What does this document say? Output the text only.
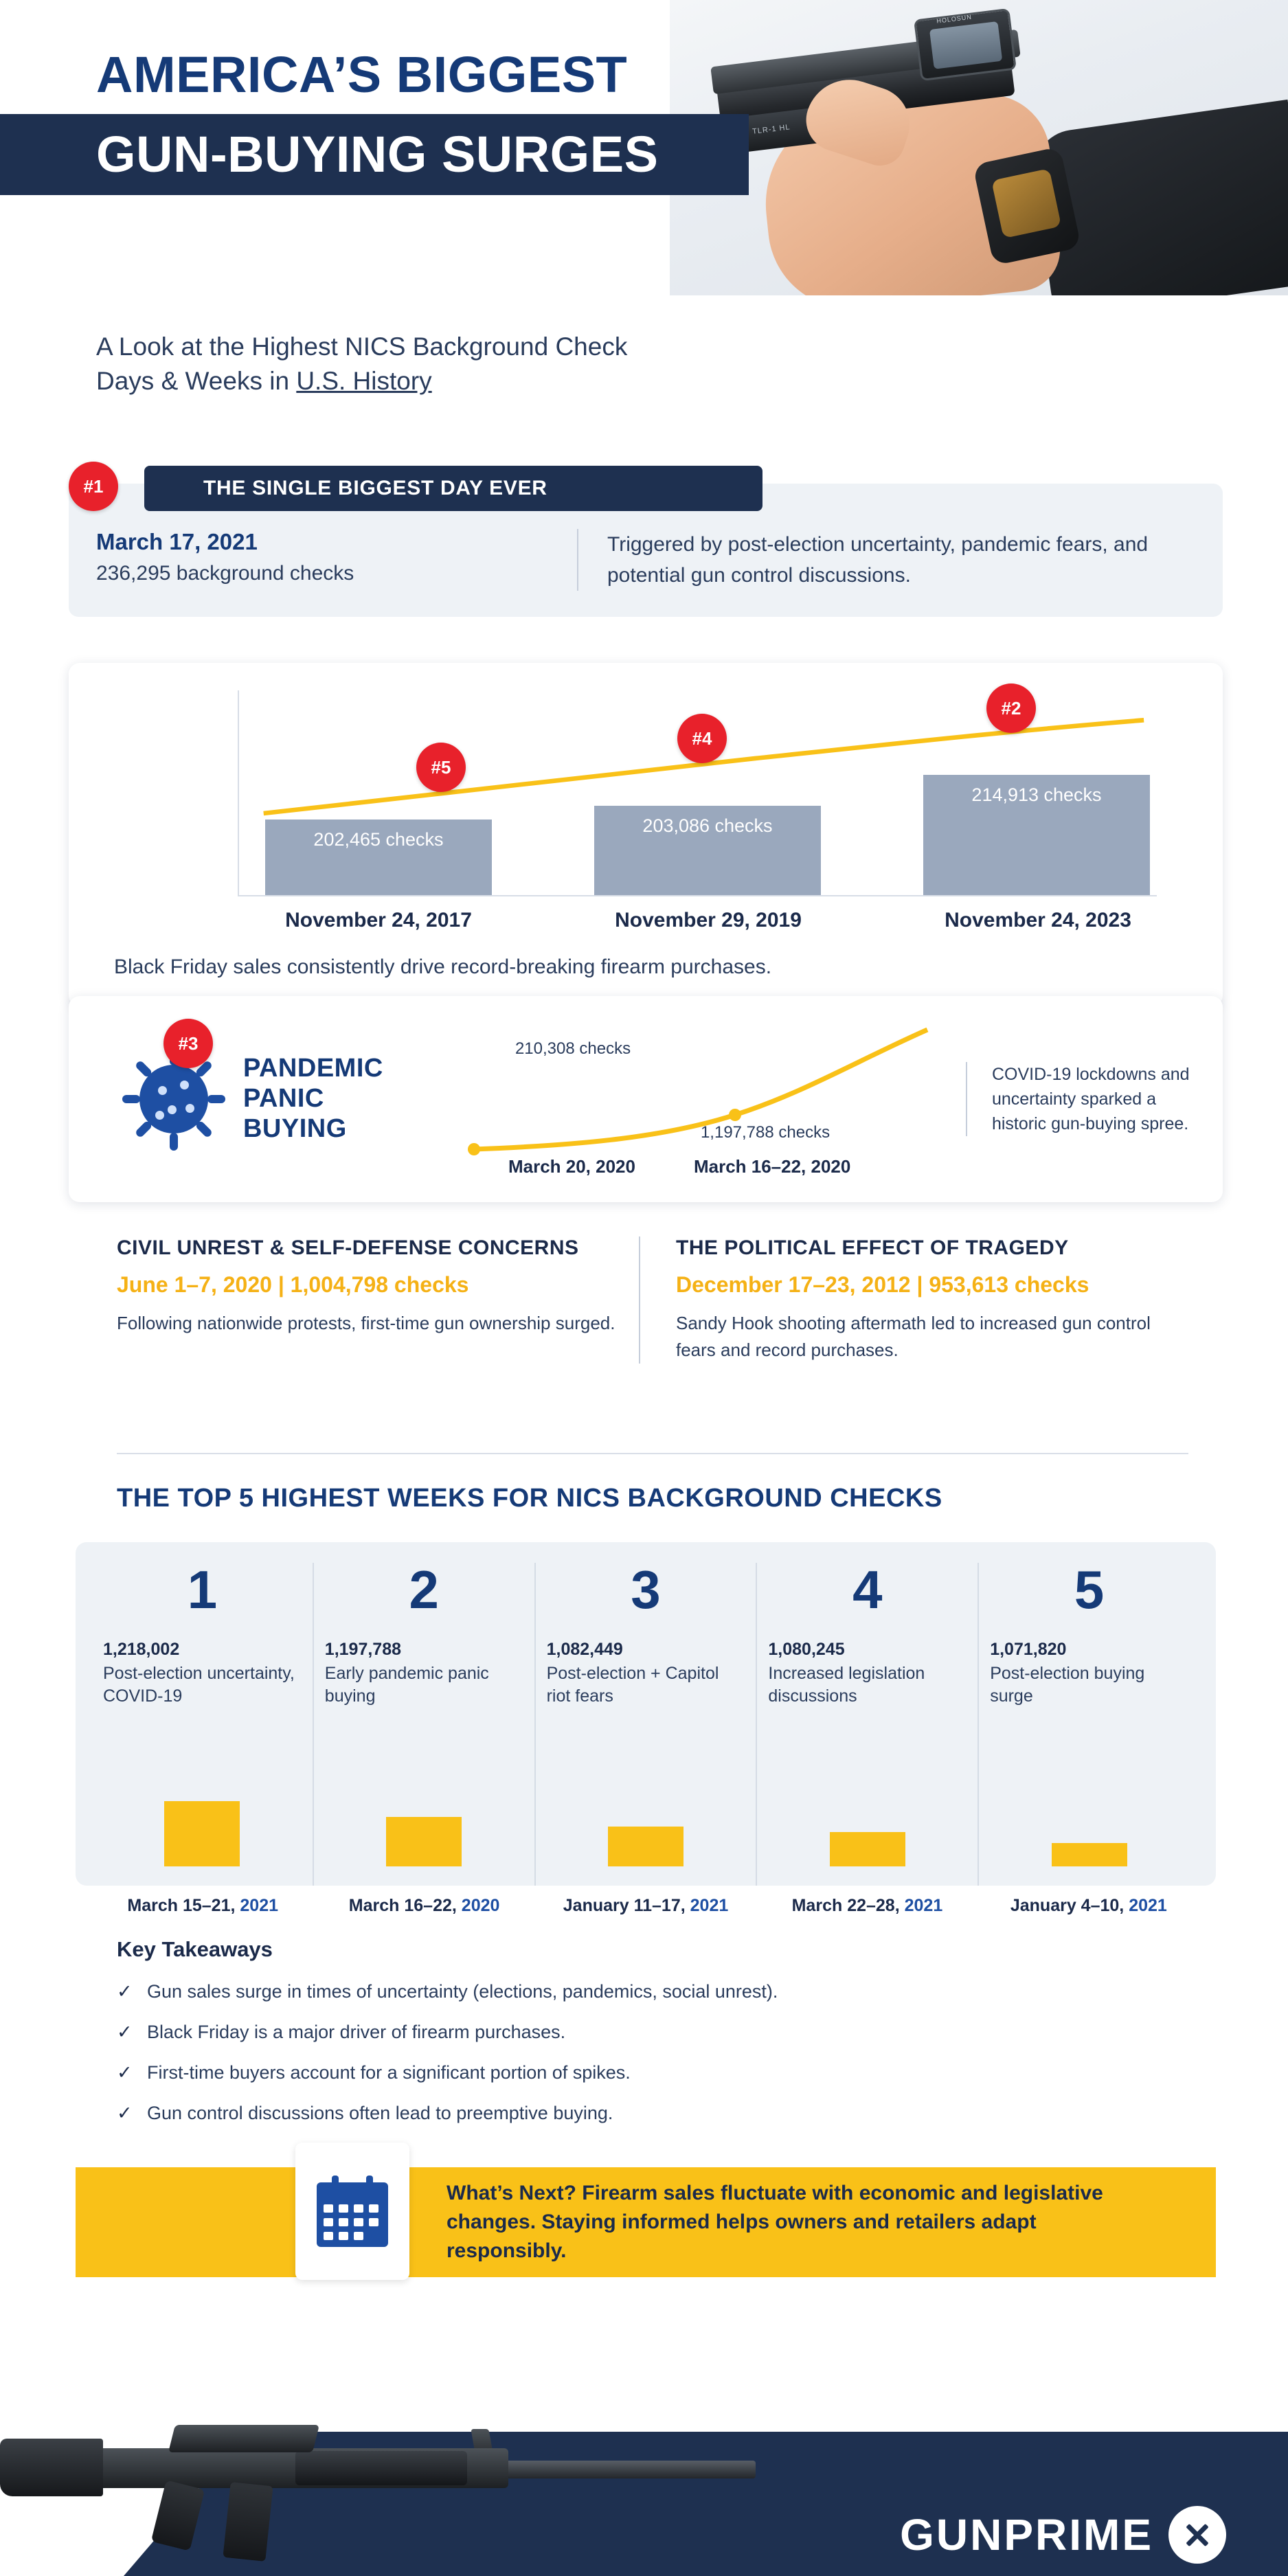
TLR-1 HL
HOLOSUN
AMERICA’S BIGGEST
GUN-BUYING SURGES
A Look at the Highest NICS Background Check
Days & Weeks in U.S. History
#1	THE SINGLE BIGGEST DAY EVER
March 17, 2021
236,295 background checks
Triggered by post-election uncertainty, pandemic fears, and potential gun control discussions.
202,465 checks
203,086 checks
214,913 checks
#5
#4
#2
November 24, 2017	November 29, 2019	November 24, 2023
Black Friday sales consistently drive record-breaking firearm purchases.
#3
PANDEMIC
PANIC BUYING
210,308 checks
1,197,788 checks
March 20, 2020	March 16–22, 2020
COVID-19 lockdowns and uncertainty sparked a historic gun-buying spree.
CIVIL UNREST & SELF-DEFENSE CONCERNS
June 1–7, 2020 | 1,004,798 checks
Following nationwide protests, first-time gun ownership surged.
THE POLITICAL EFFECT OF TRAGEDY
December 17–23, 2012 | 953,613 checks
Sandy Hook shooting aftermath led to increased gun control fears and record purchases.
THE TOP 5 HIGHEST WEEKS FOR NICS BACKGROUND CHECKS
1
1,218,002
Post-election uncertainty, COVID-19
2
1,197,788
Early pandemic panic buying
3
1,082,449
Post-election + Capitol riot fears
4
1,080,245
Increased legislation discussions
5
1,071,820
Post-election buying surge
March 15–21, 2021	March 16–22, 2020	January 11–17, 2021	March 22–28, 2021	January 4–10, 2021
Key Takeaways
✓ Gun sales surge in times of uncertainty (elections, pandemics, social unrest).
✓ Black Friday is a major driver of firearm purchases.
✓ First-time buyers account for a significant portion of spikes.
✓ Gun control discussions often lead to preemptive buying.
What’s Next? Firearm sales fluctuate with economic and legislative changes. Staying informed helps owners and retailers adapt responsibly.
GUNPRIME
